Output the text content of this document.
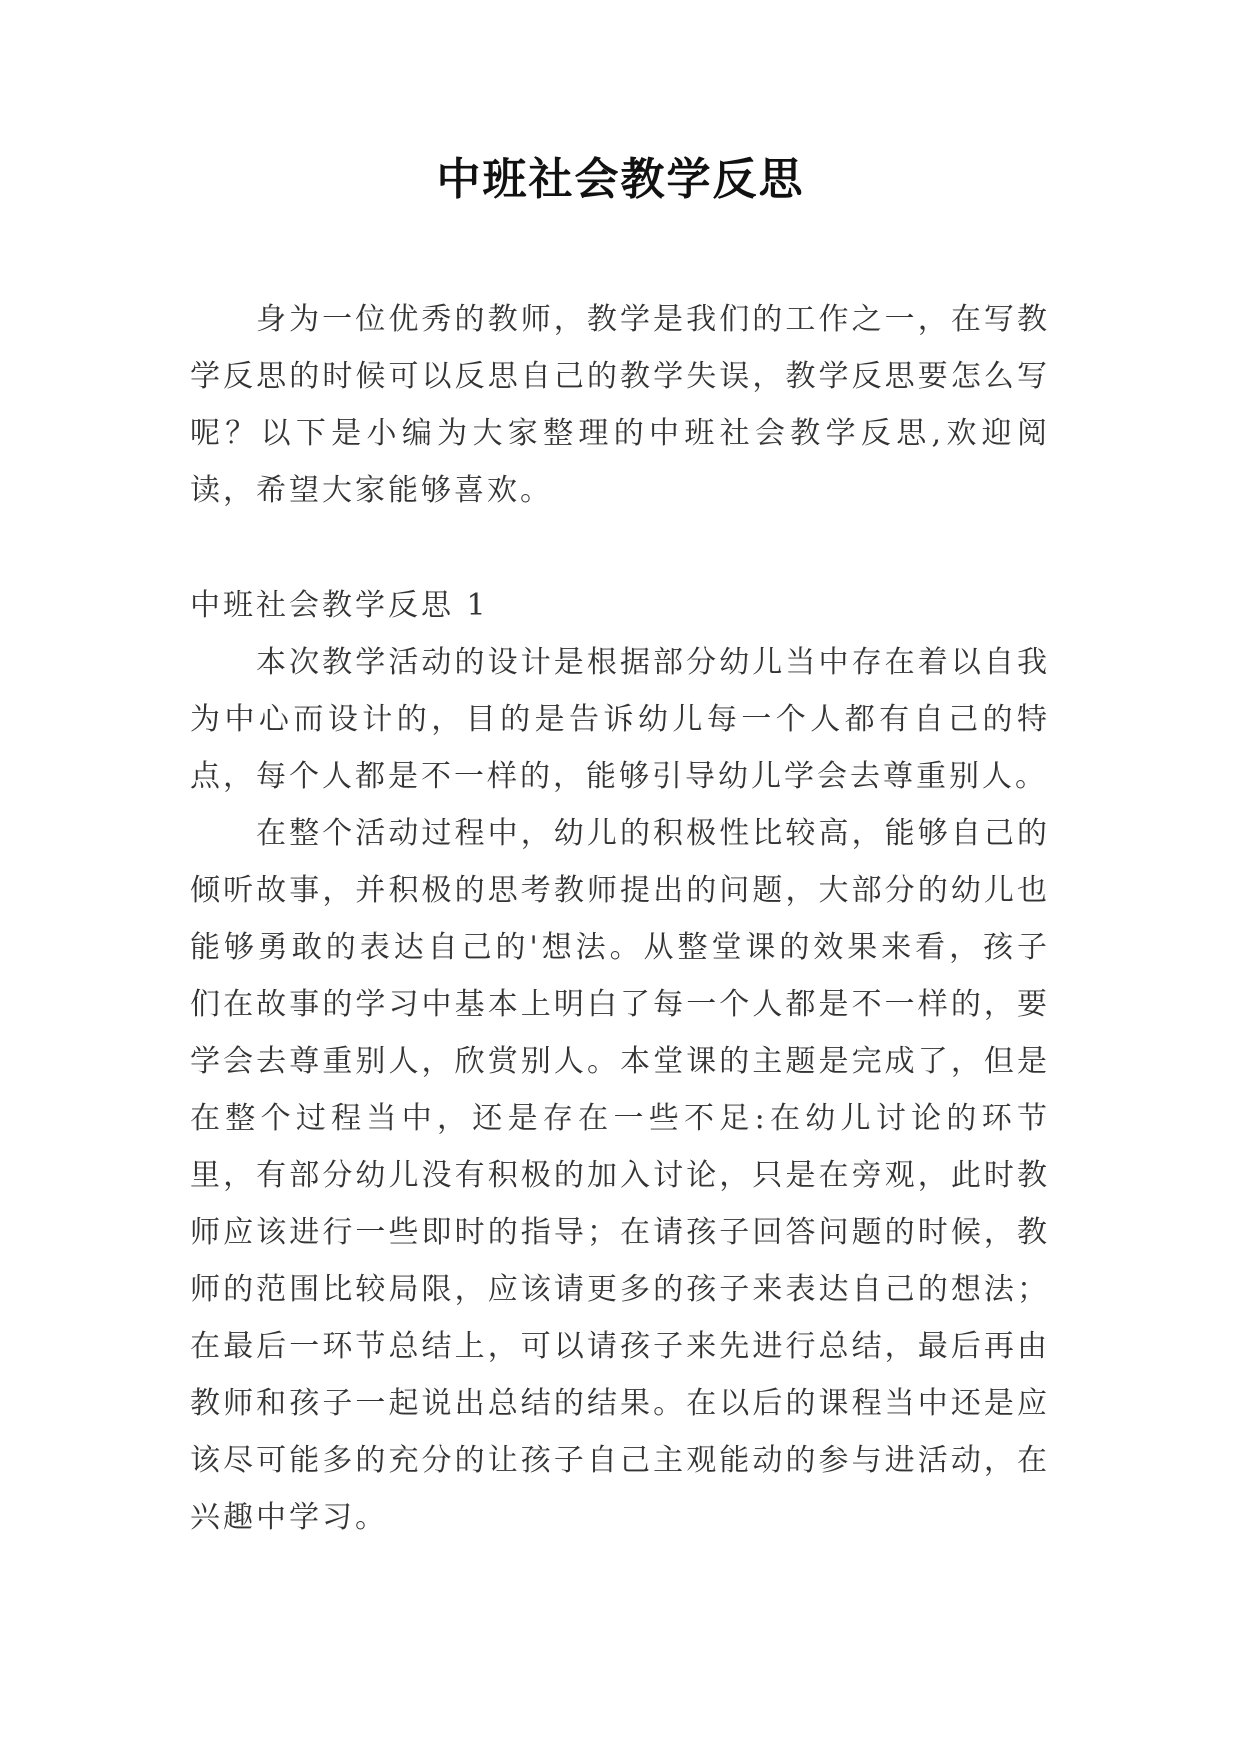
中班社会教学反思

身为一位优秀的教师，教学是我们的工作之一，在写教学反思的时候可以反思自己的教学失误，教学反思要怎么写呢？以下是小编为大家整理的中班社会教学反思,欢迎阅读，希望大家能够喜欢。

中班社会教学反思 1

本次教学活动的设计是根据部分幼儿当中存在着以自我为中心而设计的，目的是告诉幼儿每一个人都有自己的特点，每个人都是不一样的，能够引导幼儿学会去尊重别人。

在整个活动过程中，幼儿的积极性比较高，能够自己的倾听故事，并积极的思考教师提出的问题，大部分的幼儿也能够勇敢的表达自己的'想法。从整堂课的效果来看，孩子们在故事的学习中基本上明白了每一个人都是不一样的，要学会去尊重别人，欣赏别人。本堂课的主题是完成了，但是在整个过程当中，还是存在一些不足:在幼儿讨论的环节里，有部分幼儿没有积极的加入讨论，只是在旁观，此时教师应该进行一些即时的指导；在请孩子回答问题的时候，教师的范围比较局限，应该请更多的孩子来表达自己的想法；在最后一环节总结上，可以请孩子来先进行总结，最后再由教师和孩子一起说出总结的结果。在以后的课程当中还是应该尽可能多的充分的让孩子自己主观能动的参与进活动，在兴趣中学习。
